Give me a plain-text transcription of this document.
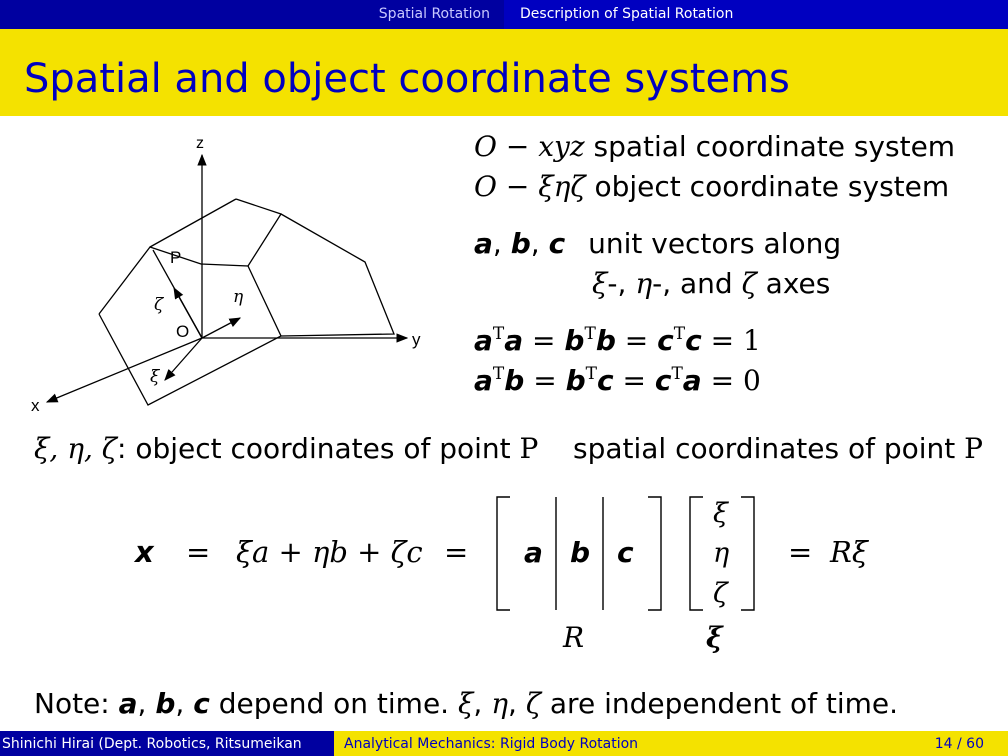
Spatial Rotation Description of Spatial Rotation
Spatial and object coordinate systems
z
y
x
P
O
ξ
η
ζ
O − xyz spatial coordinate system
O − ξηζ object coordinate system
a, b, c unit vectors along
ξ-, η-, and ζ axes
$a^Ta = b^Tb = c^Tc = 1$
$a^Tb = b^Tc = c^Ta = 0$
ξ, η, ζ: object coordinates of point P spatial coordinates of point P
x = ξa + ηb + ζc = a b c
ξ
η
ζ
= Rξ
R	ξ
Note: a, b, c depend on time. ξ, η, ζ are independent of time.
Shinichi Hirai (Dept. Robotics, Ritsumeikan	Analytical Mechanics: Rigid Body Rotation	14 / 60
